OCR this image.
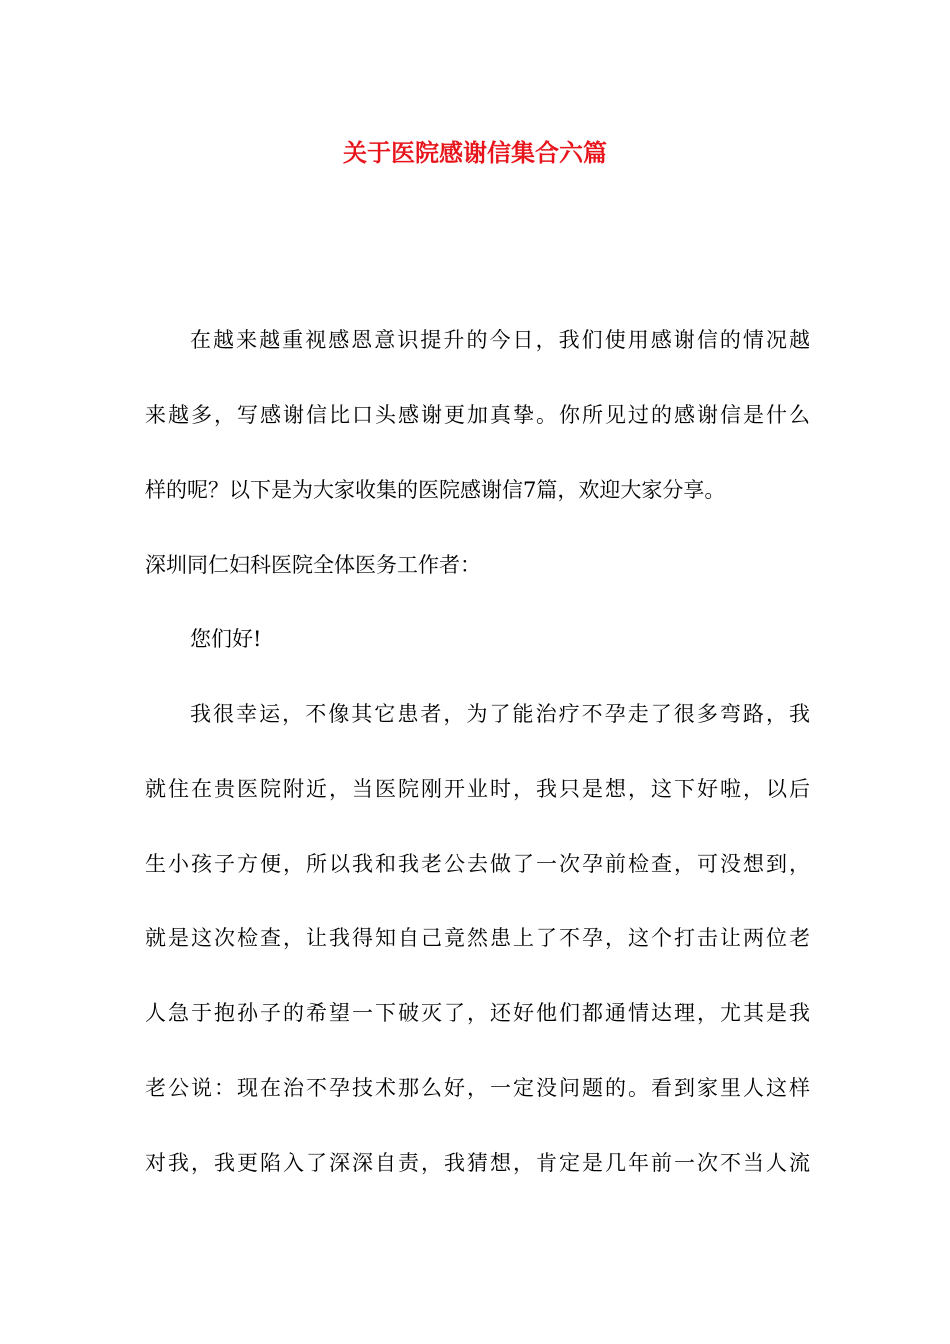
关于医院感谢信集合六篇
在越来越重视感恩意识提升的今日，我们使用感谢信的情况越
来越多，写感谢信比口头感谢更加真挚。你所见过的感谢信是什么
样的呢？以下是为大家收集的医院感谢信7篇，欢迎大家分享。
深圳同仁妇科医院全体医务工作者：
您们好!
我很幸运，不像其它患者，为了能治疗不孕走了很多弯路，我
就住在贵医院附近，当医院刚开业时，我只是想，这下好啦，以后
生小孩子方便，所以我和我老公去做了一次孕前检查，可没想到，
就是这次检查，让我得知自己竟然患上了不孕，这个打击让两位老
人急于抱孙子的希望一下破灭了，还好他们都通情达理，尤其是我
老公说：现在治不孕技术那么好，一定没问题的。看到家里人这样
对我，我更陷入了深深自责，我猜想，肯定是几年前一次不当人流
